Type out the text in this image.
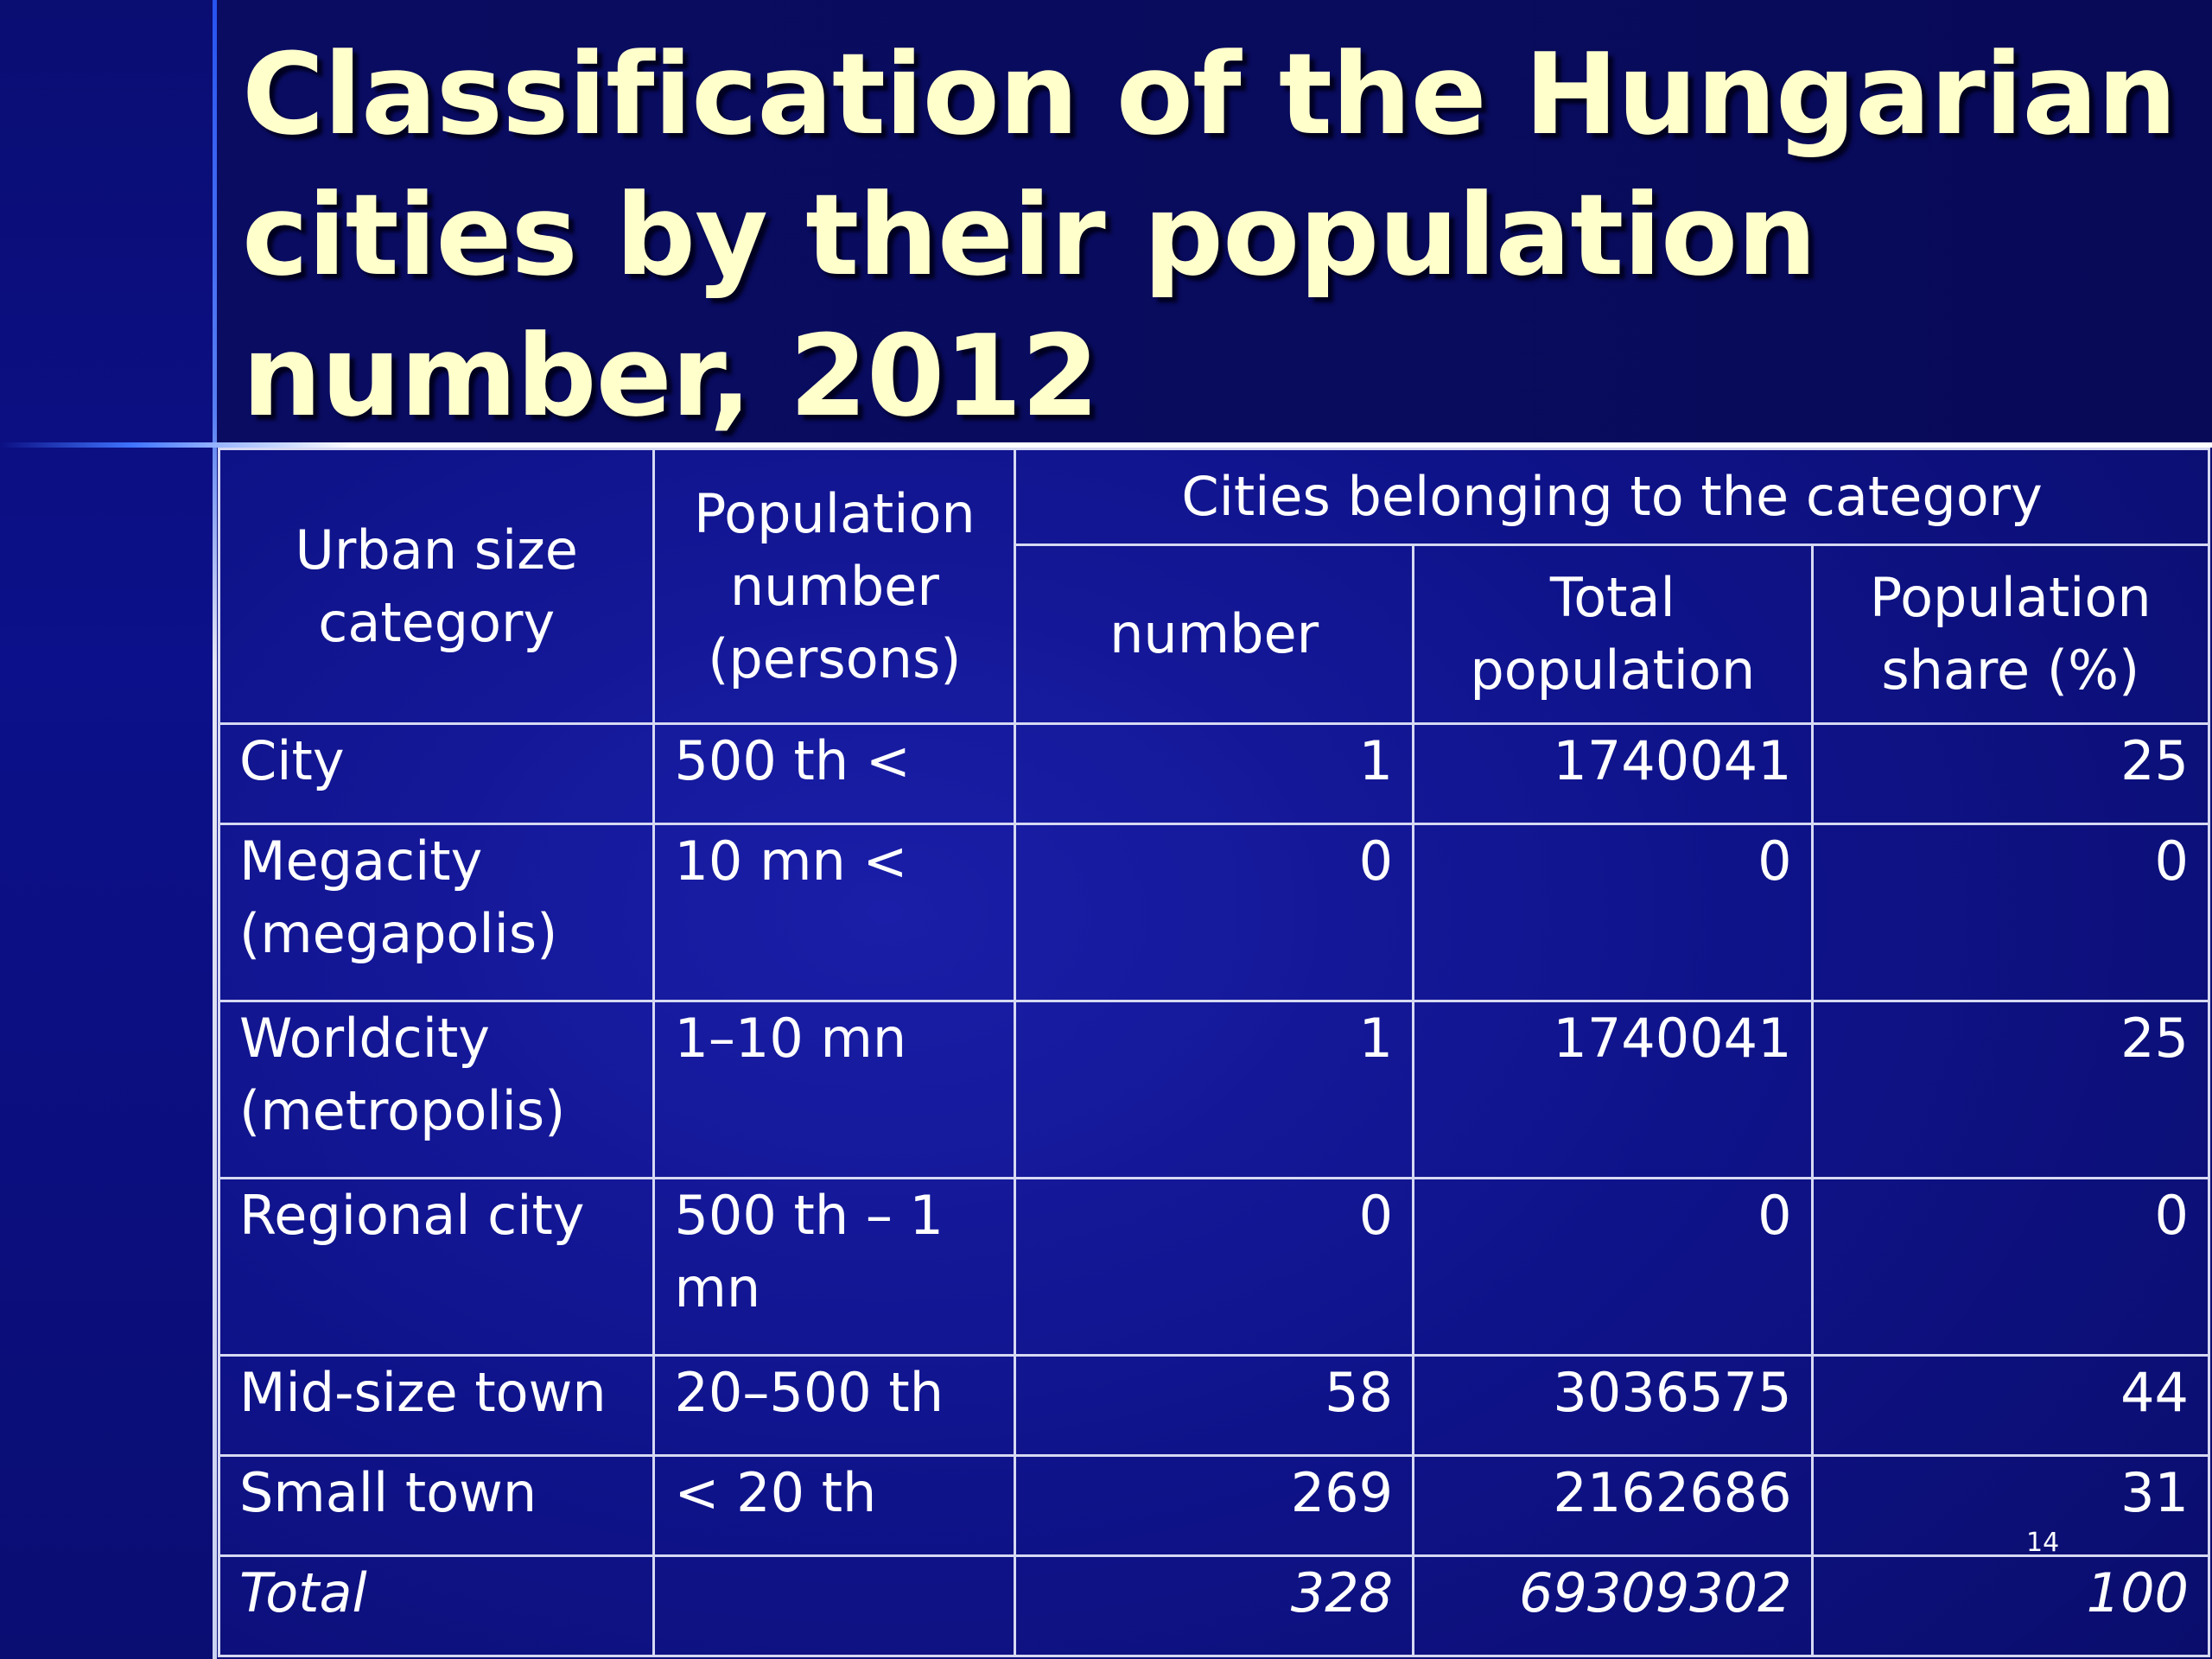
Classification of the Hungarian cities by their population number, 2012
Urban size category	Population number (persons)	Cities belonging to the category		
		number	Total population	Population share (%)
City	500 th <	1	1740041	25
Megacity (megapolis)	10 mn <	0	0	0
Worldcity (metropolis)	1–10 mn	1	1740041	25
Regional city	500 th – 1 mn	0	0	0
Mid-size town	20–500 th	58	3036575	44
Small town	< 20 th	269	2162686	31
Total		328	69309302	100
14
